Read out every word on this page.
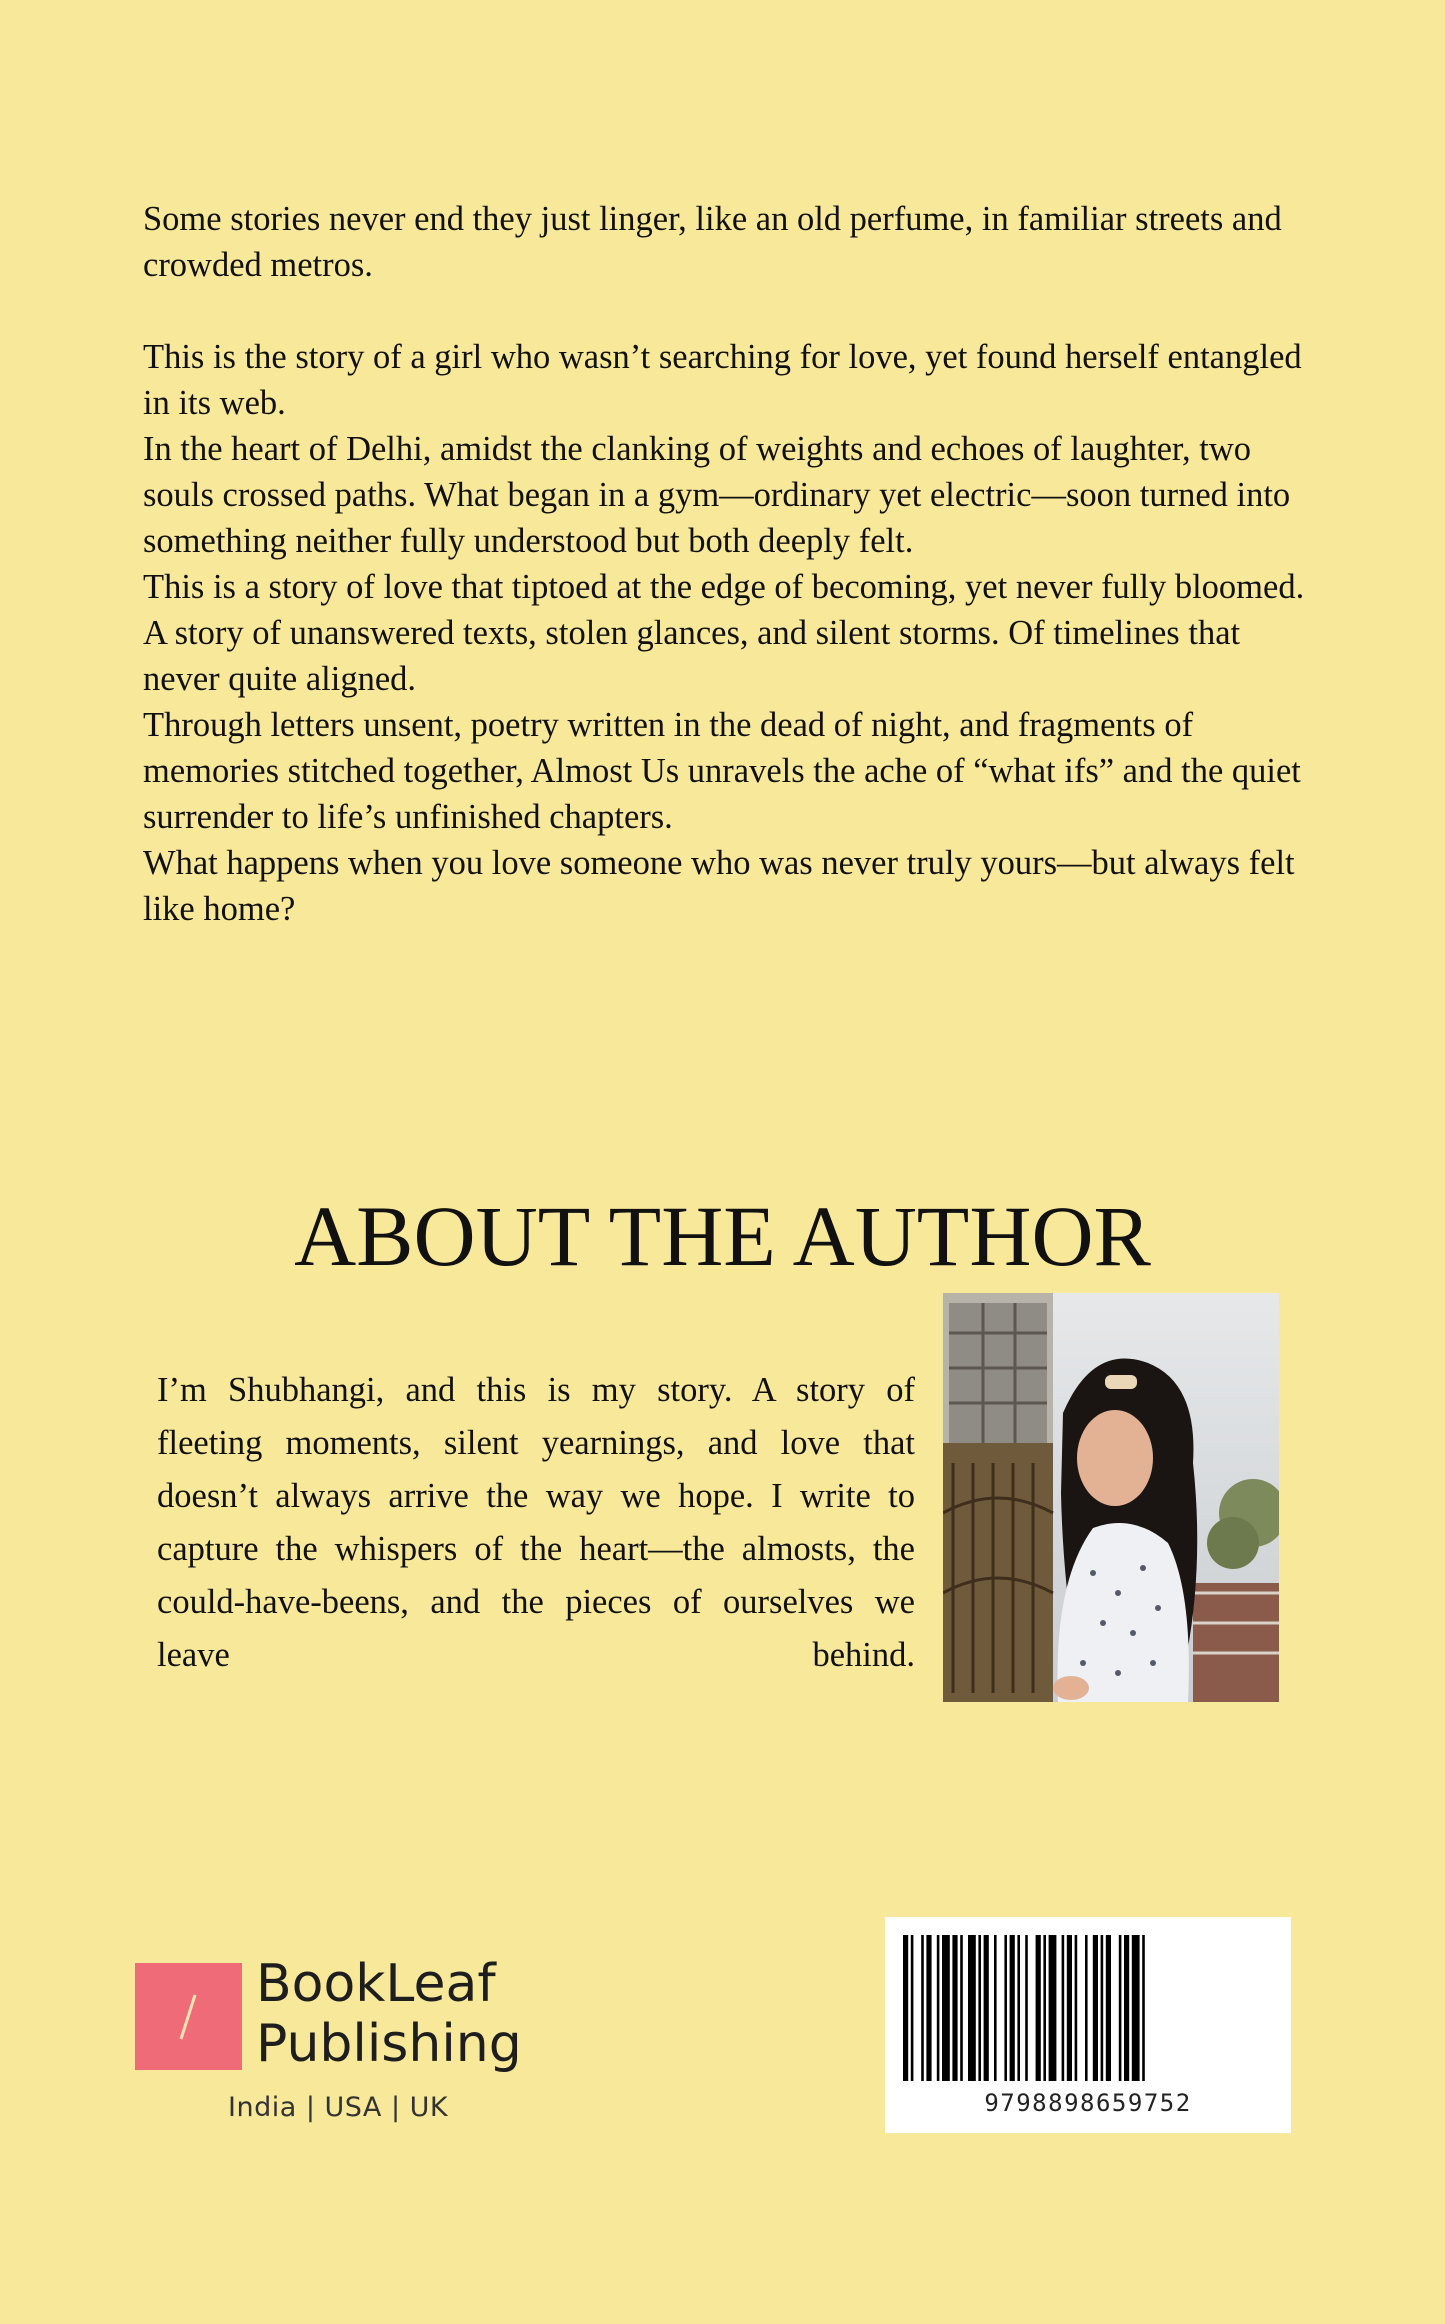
Some stories never end they just linger, like an old perfume, in familiar streets and crowded metros.

This is the story of a girl who wasn’t searching for love, yet found herself entangled in its web.

In the heart of Delhi, amidst the clanking of weights and echoes of laughter, two souls crossed paths. What began in a gym—ordinary yet electric—soon turned into something neither fully understood but both deeply felt.

This is a story of love that tiptoed at the edge of becoming, yet never fully bloomed. A story of unanswered texts, stolen glances, and silent storms. Of timelines that never quite aligned.

Through letters unsent, poetry written in the dead of night, and fragments of memories stitched together, Almost Us unravels the ache of “what ifs” and the quiet surrender to life’s unfinished chapters.

What happens when you love someone who was never truly yours—but always felt like home?

ABOUT THE AUTHOR
I’m Shubhangi, and this is my story. A story of fleeting moments, silent yearnings, and love that doesn’t always arrive the way we hope. I write to capture the whispers of the heart—the almosts, the could-have-beens, and the pieces of ourselves we leave behind.
BookLeaf
Publishing
India | USA | UK	9798898659752
